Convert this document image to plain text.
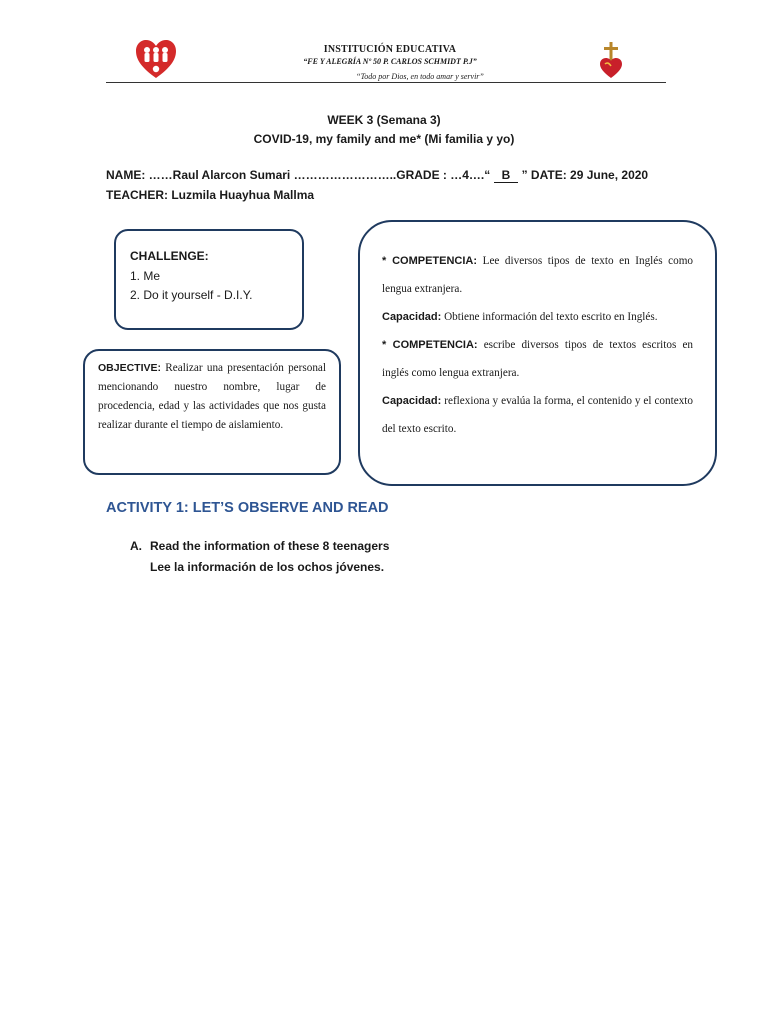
INSTITUCIÓN EDUCATIVA
“FE Y ALEGRÍA Nº 50 P. CARLOS SCHMIDT P.J”
“Todo por Dios, en todo amar y servir”
WEEK 3 (Semana 3)
COVID-19, my family and me* (Mi familia y yo)
NAME: ……Raul Alarcon Sumari ……………………..GRADE : …4….“ B ” DATE: 29 June, 2020
TEACHER: Luzmila Huayhua Mallma
CHALLENGE:
1. Me
2. Do it yourself - D.I.Y.
OBJECTIVE: Realizar una presentación personal mencionando nuestro nombre, lugar de procedencia, edad y las actividades que nos gusta realizar durante el tiempo de aislamiento.

* COMPETENCIA: Lee diversos tipos de texto en Inglés como lengua extranjera.

Capacidad: Obtiene información del texto escrito en Inglés.

* COMPETENCIA: escribe diversos tipos de textos escritos en inglés como lengua extranjera.

Capacidad: reflexiona y evalúa la forma, el contenido y el contexto del texto escrito.

ACTIVITY 1: LET’S OBSERVE AND READ
A. Read the information of these 8 teenagers
Lee la información de los ochos jóvenes.
